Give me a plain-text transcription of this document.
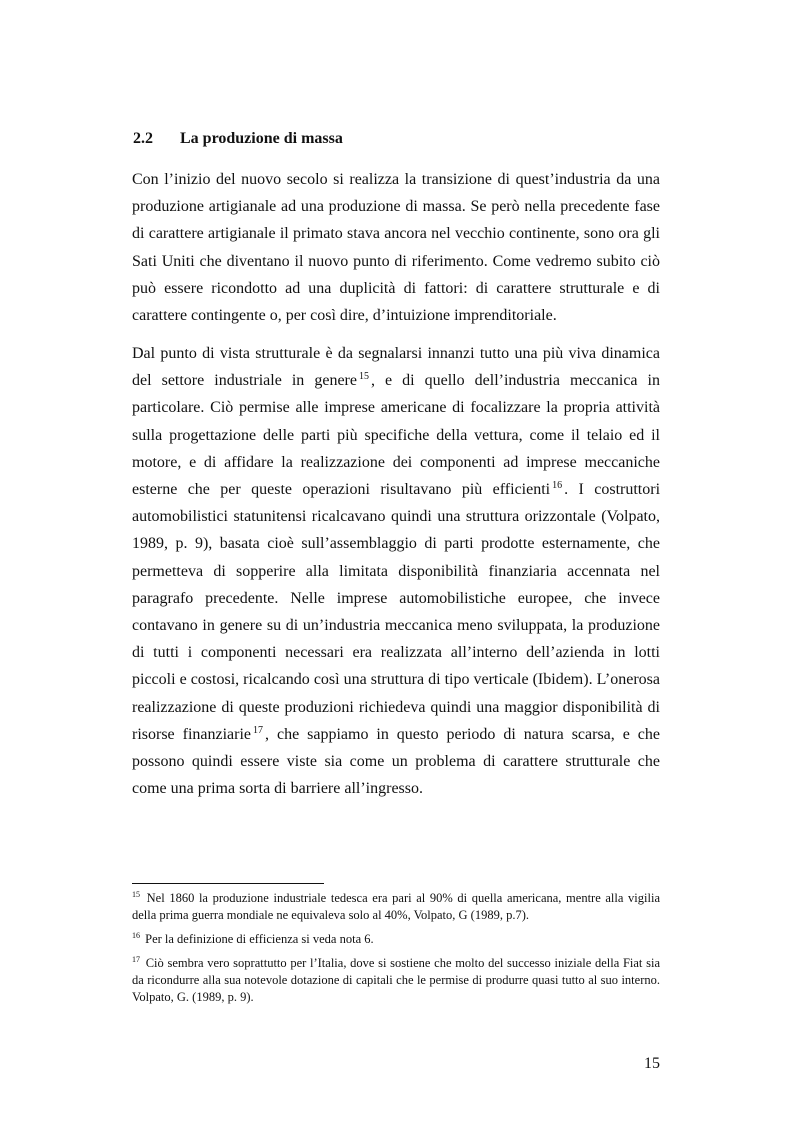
2.2 La produzione di massa

Con l’inizio del nuovo secolo si realizza la transizione di quest’industria da una produzione artigianale ad una produzione di massa. Se però nella precedente fase di carattere artigianale il primato stava ancora nel vecchio continente, sono ora gli Sati Uniti che diventano il nuovo punto di riferimento. Come vedremo subito ciò può essere ricondotto ad una duplicità di fattori: di carattere strutturale e di carattere contingente o, per così dire, d’intuizione imprenditoriale.

Dal punto di vista strutturale è da segnalarsi innanzi tutto una più viva dinamica del settore industriale in genere $^{15}$ , e di quello dell’industria meccanica in particolare. Ciò permise alle imprese americane di focalizzare la propria attività sulla progettazione delle parti più specifiche della vettura, come il telaio ed il motore, e di affidare la realizzazione dei componenti ad imprese meccaniche esterne che per queste operazioni risultavano più efficienti $^{16}$ . I costruttori automobilistici statunitensi ricalcavano quindi una struttura orizzontale (Volpato, 1989, p. 9), basata cioè sull’assemblaggio di parti prodotte esternamente, che permetteva di sopperire alla limitata disponibilità finanziaria accennata nel paragrafo precedente. Nelle imprese automobilistiche europee, che invece contavano in genere su di un’industria meccanica meno sviluppata, la produzione di tutti i componenti necessari era realizzata all’interno dell’azienda in lotti piccoli e costosi, ricalcando così una struttura di tipo verticale (Ibidem). L’onerosa realizzazione di queste produzioni richiedeva quindi una maggior disponibilità di risorse finanziarie $^{17}$ , che sappiamo in questo periodo di natura scarsa, e che possono quindi essere viste sia come un problema di carattere strutturale che come una prima sorta di barriere all’ingresso.

$^{15}$ Nel 1860 la produzione industriale tedesca era pari al 90% di quella americana, mentre alla vigilia della prima guerra mondiale ne equivaleva solo al 40%, Volpato, G (1989, p.7).

$^{16}$ Per la definizione di efficienza si veda nota 6.

$^{17}$ Ciò sembra vero soprattutto per l’Italia, dove si sostiene che molto del successo iniziale della Fiat sia da ricondurre alla sua notevole dotazione di capitali che le permise di produrre quasi tutto al suo interno. Volpato, G. (1989, p. 9).

15
